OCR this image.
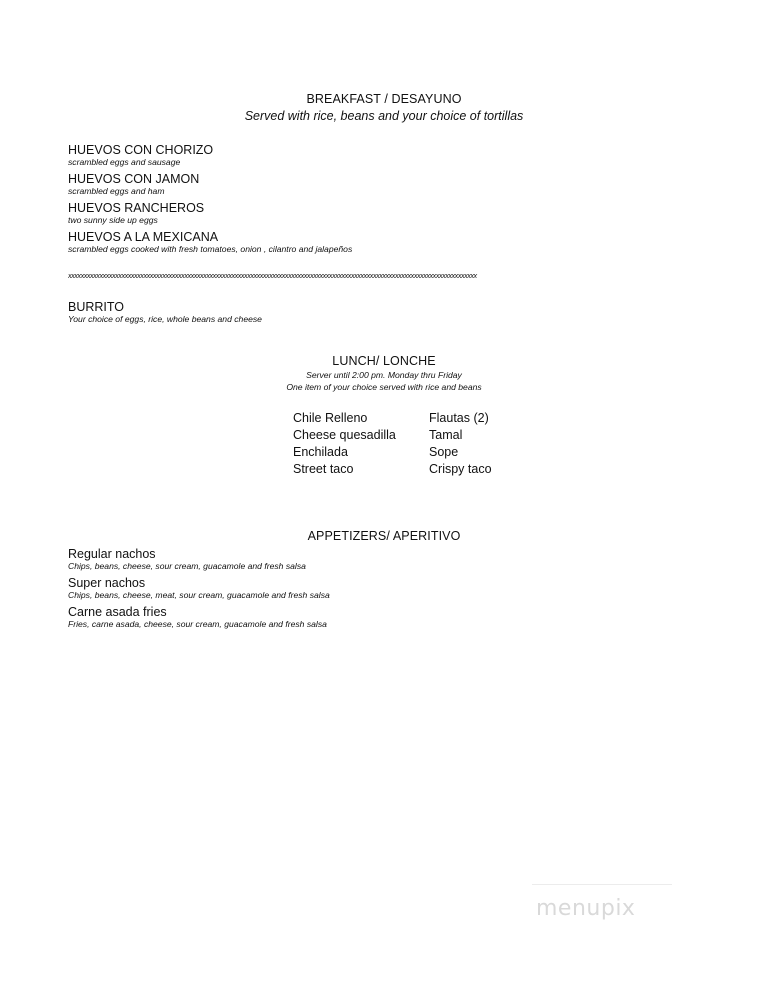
BREAKFAST / DESAYUNO
Served with rice, beans and your choice of tortillas
HUEVOS CON CHORIZO
scrambled eggs and sausage
HUEVOS CON JAMON
scrambled eggs and ham
HUEVOS RANCHEROS
two sunny side up eggs
HUEVOS A LA MEXICANA
scrambled eggs cooked with fresh tomatoes, onion , cilantro and jalapeños
xxxxxxxxxxxxxxxxxxxxxxxxxxxxxxxxxxxxxxxxxxxxxxxxxxxxxxxxxxxxxxxxxxxxxxxxxxxxxxxxxxxxxxxxxxxxxxxxxxxxxxxxxxxxxxxxxxxxxxxxxxxxxxxxxx
BURRITO
Your choice of eggs, rice, whole beans and cheese
LUNCH/ LONCHE
Server until 2:00 pm. Monday thru Friday
One item of your choice served with rice and beans
Chile Relleno	Flautas (2)
Cheese quesadilla	Tamal
Enchilada	Sope
Street taco	Crispy taco
APPETIZERS/ APERITIVO
Regular nachos
Chips, beans, cheese, sour cream, guacamole and fresh salsa
Super nachos
Chips, beans, cheese, meat, sour cream, guacamole and fresh salsa
Carne asada fries
Fries, carne asada, cheese, sour cream, guacamole and fresh salsa
menupix
